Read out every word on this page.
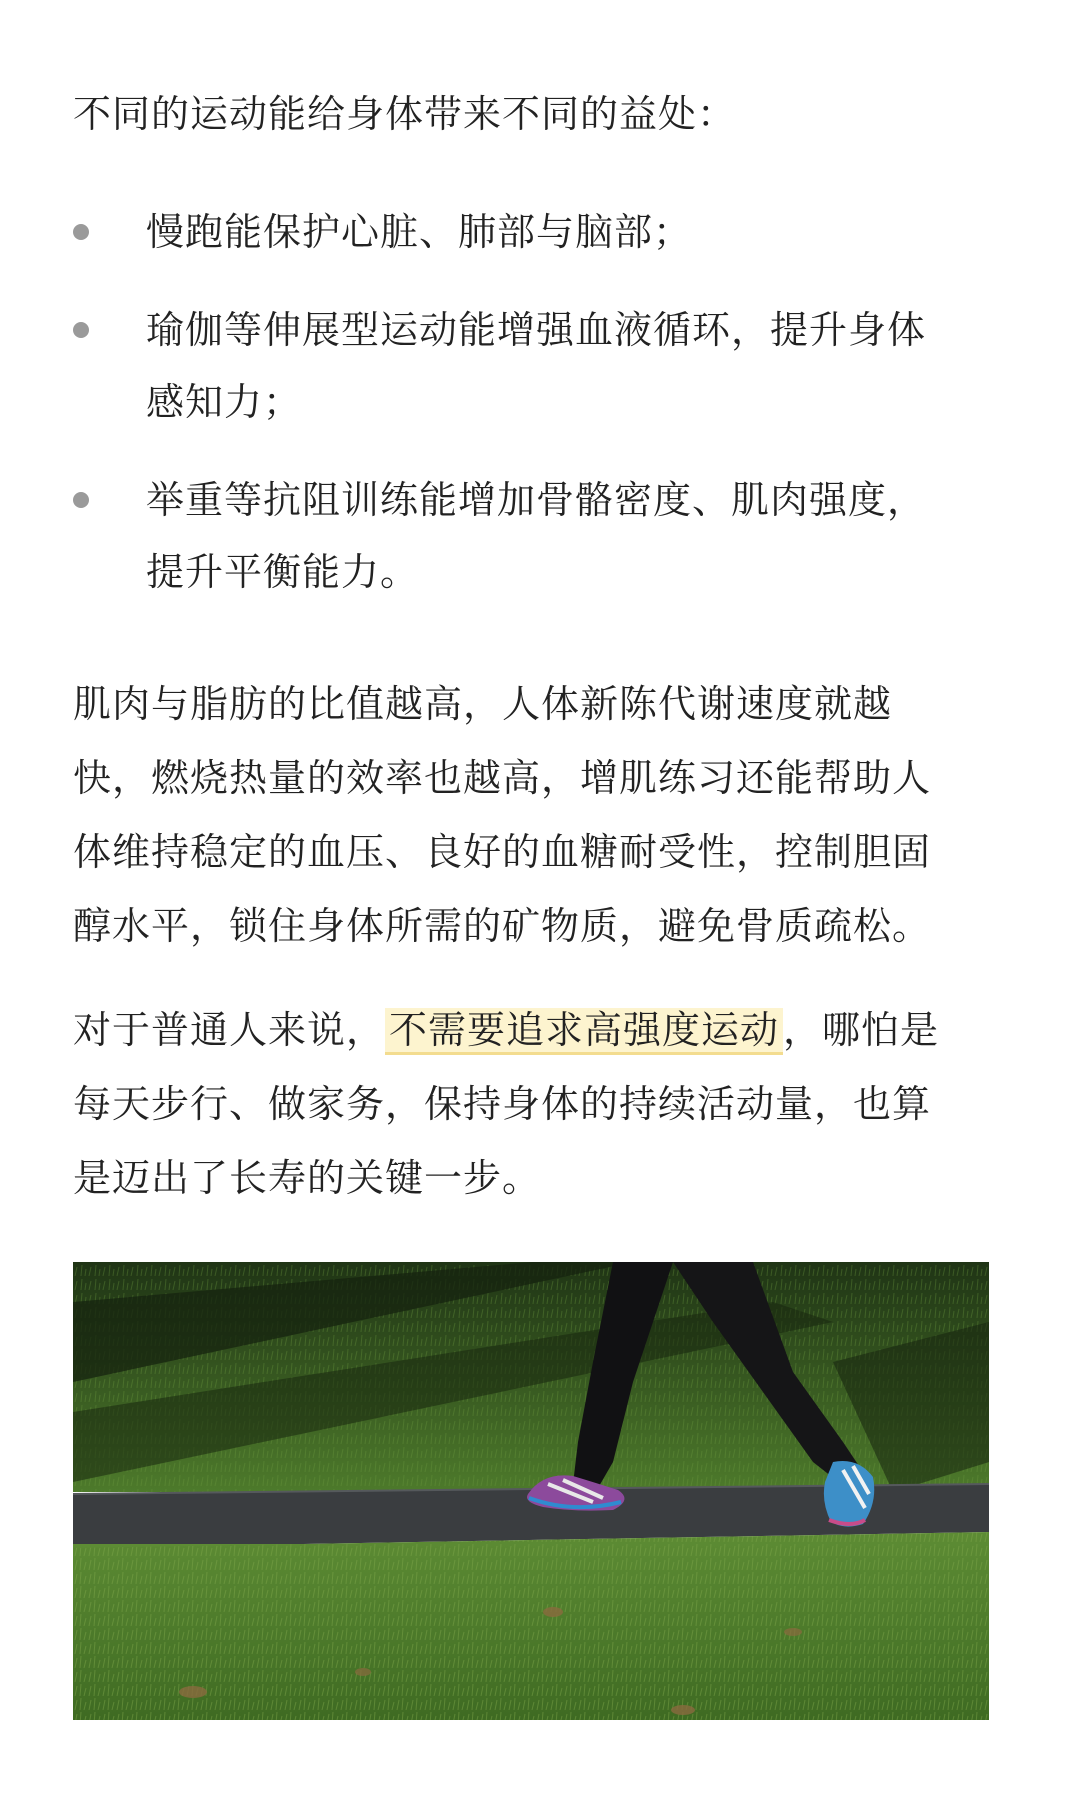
不同的运动能给身体带来不同的益处：
慢跑能保护心脏、肺部与脑部；
瑜伽等伸展型运动能增强血液循环，提升身体
感知力；
举重等抗阻训练能增加骨骼密度、肌肉强度，
提升平衡能力。
肌肉与脂肪的比值越高，人体新陈代谢速度就越
快，燃烧热量的效率也越高，增肌练习还能帮助人
体维持稳定的血压、良好的血糖耐受性，控制胆固
醇水平，锁住身体所需的矿物质，避免骨质疏松。
对于普通人来说， 不需要追求高强度运动 ，哪怕是
每天步行、做家务，保持身体的持续活动量，也算
是迈出了长寿的关键一步。
